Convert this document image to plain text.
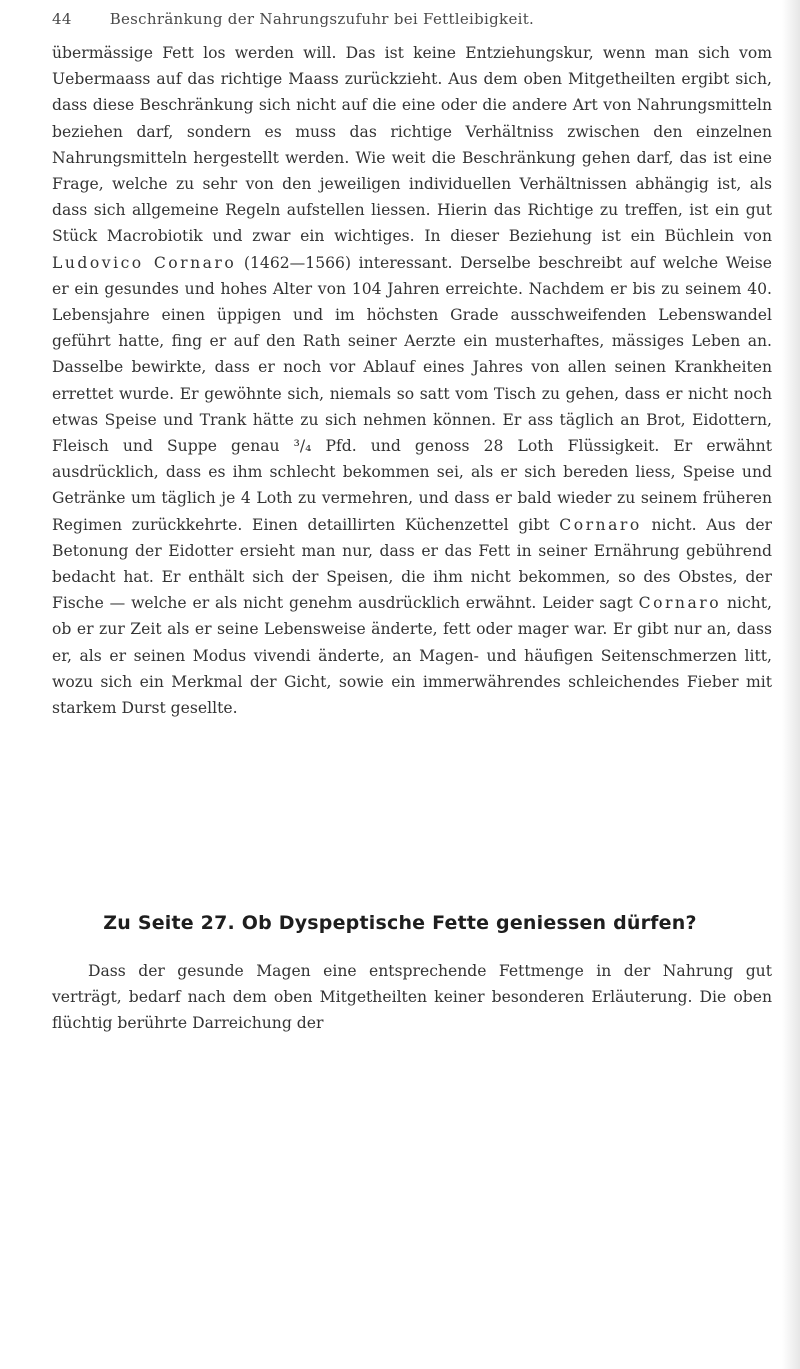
44	Beschränkung der Nahrungszufuhr bei Fettleibigkeit.

übermässige Fett los werden will. Das ist keine Entziehungskur, wenn man sich vom Uebermaass auf das richtige Maass zurückzieht. Aus dem oben Mitgetheilten ergibt sich, dass diese Beschränkung sich nicht auf die eine oder die andere Art von Nahrungsmitteln beziehen darf, sondern es muss das richtige Verhältniss zwischen den einzelnen Nahrungsmitteln hergestellt werden. Wie weit die Beschränkung gehen darf, das ist eine Frage, welche zu sehr von den jeweiligen individuellen Verhältnissen abhängig ist, als dass sich allgemeine Regeln aufstellen liessen. Hierin das Richtige zu treffen, ist ein gut Stück Macrobiotik und zwar ein wichtiges. In dieser Beziehung ist ein Büchlein von Ludovico Cornaro (1462—1566) interessant. Derselbe beschreibt auf welche Weise er ein gesundes und hohes Alter von 104 Jahren erreichte. Nachdem er bis zu seinem 40. Lebensjahre einen üppigen und im höchsten Grade ausschweifenden Lebenswandel geführt hatte, fing er auf den Rath seiner Aerzte ein musterhaftes, mässiges Leben an. Dasselbe bewirkte, dass er noch vor Ablauf eines Jahres von allen seinen Krankheiten errettet wurde. Er gewöhnte sich, niemals so satt vom Tisch zu gehen, dass er nicht noch etwas Speise und Trank hätte zu sich nehmen können. Er ass täglich an Brot, Eidottern, Fleisch und Suppe genau ³/₄ Pfd. und genoss 28 Loth Flüssigkeit. Er erwähnt ausdrücklich, dass es ihm schlecht bekommen sei, als er sich bereden liess, Speise und Getränke um täglich je 4 Loth zu vermehren, und dass er bald wieder zu seinem früheren Regimen zurückkehrte. Einen detaillirten Küchenzettel gibt Cornaro nicht. Aus der Betonung der Eidotter ersieht man nur, dass er das Fett in seiner Ernährung gebührend bedacht hat. Er enthält sich der Speisen, die ihm nicht bekommen, so des Obstes, der Fische — welche er als nicht genehm ausdrücklich erwähnt. Leider sagt Cornaro nicht, ob er zur Zeit als er seine Lebensweise änderte, fett oder mager war. Er gibt nur an, dass er, als er seinen Modus vivendi änderte, an Magen- und häufigen Seitenschmerzen litt, wozu sich ein Merkmal der Gicht, sowie ein immerwährendes schleichendes Fieber mit starkem Durst gesellte.

Zu Seite 27. Ob Dyspeptische Fette geniessen dürfen?

Dass der gesunde Magen eine entsprechende Fettmenge in der Nahrung gut verträgt, bedarf nach dem oben Mitgetheilten keiner besonderen Erläuterung. Die oben flüchtig berührte Darreichung der
